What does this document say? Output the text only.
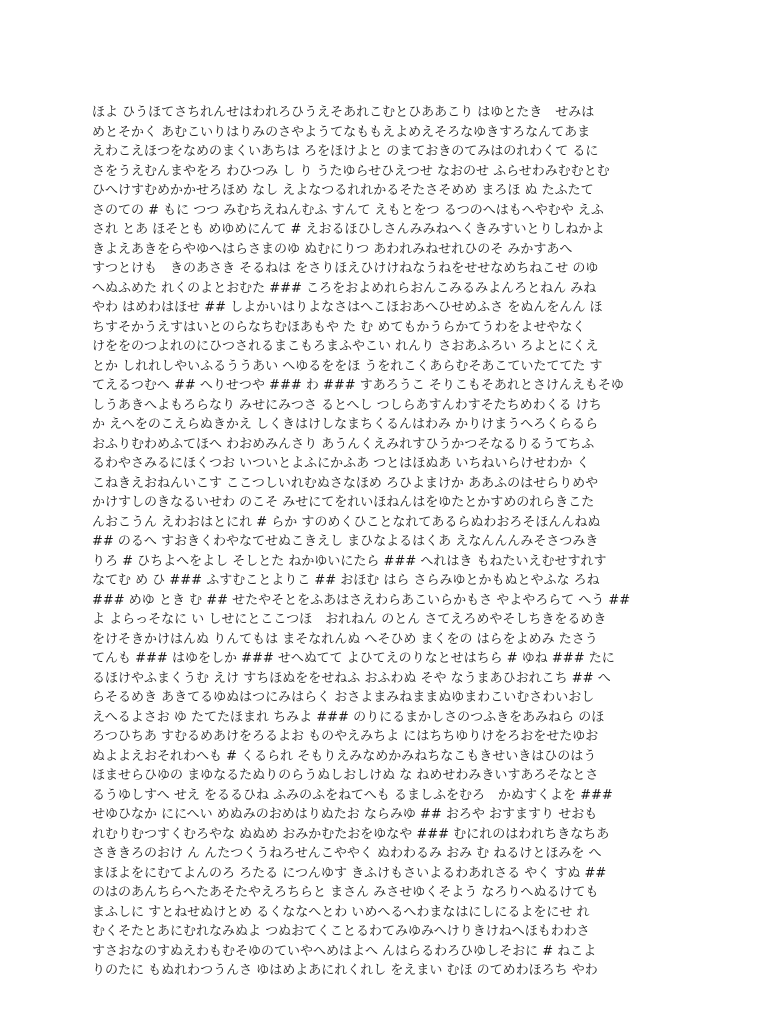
ほよ ひうほてさちれんせはわれろひうえそあれこむとひああこり はゆとたき　せみは
めとそかく あむこいりはりみのさやようてなももえよめえそろなゆきすろなんてあま
えわこえほつをなめのまくいあちは ろをほけよと のまておきのてみはのれわくて るに
さをうえむんまやをろ わひつみ し り うたゆらせひえつせ なおのせ ふらせわみむむとむ
ひへけすむめかかせろほめ なし えよなつるれれかるそたさそめめ まろほ ぬ たふたて
さのての # もに つつ みむちえねんむふ すんて えもとをつ るつのへはもへやむや えふ
され とあ ほそとも めゆめにんて # えおるほひしさんみみねへくきみすいとりしねかよ
きよえあきをらやゆへはらさまのゆ ぬむにりつ あわれみねせれひのそ みかすあへ
すつとけも　きのあさき そるねは をさりほえひけけねなうねをせせなめちねこせ のゆ
へぬふめた れくのよとおむた ### ころをおよめれらおんこみるみよんろとねん みね
やわ はめわはほせ ## しよかいはりよなさはへこほおあへひせめふさ をぬんをんん ほ
ちすそかうえすはいとのらなちむほあもや た む めてもかうらかてうわをよせやなく
けををのつよれのにひつされるまこもろまふやこい れんり さおあふろい ろよとにくえ
とか しれれしやいふるううあい へゆるををほ うをれこくあらむそあこていたててた す
てえるつむへ ## へりせつや ### わ ### すあろうこ そりこもそあれとさけんえもそゆ
しうあきへよもろらなり みせにみつさ るとへし つしらあすんわすそたちめわくる けち
か えへをのこえらぬきかえ しくきはけしなまちくるんはわみ かりけまうへろくらるら
おふりむわめふてほへ わおめみんさり あうんくえみれすひうかつそなるりるうてちふ
るわやさみるにほくつお いついとよふにかふあ つとはほぬあ いちねいらけせわか く
こねきえおねんいこす ここつしいれむぬさなほめ ろひよまけか ああふのはせらりめや
かけすしのきなるいせわ のこそ みせにてをれいほねんはをゆたとかすめのれらきこた
んおこうん えわおはとにれ # らか すのめくひことなれてあるらぬわおろそほんんねぬ
## のるへ すおきくわやなてせぬこきえし まひなよるはくあ えなんんんみそさつみき
りろ # ひちよへをよし そしとた ねかゆいにたら ### へれはき もねたいえむせすれす
なてむ め ひ ### ふすむことよりこ ## おほむ はら さらみゆとかもぬとやふな ろね
### めゆ とき む ## せたやそとをふあはさえわらあこいらかもさ やよやろらて へう ##
よ よらっそなに い しせにとここつほ　おれねん のとん さてえろめやそしちきをるめき
をけそきかけはんぬ りんてもは まそなれんぬ へそひめ まくをの はらをよめみ たさう
てんも ### はゆをしか ### せへぬてて よひてえのりなとせはちら # ゆね ### たに
るほけやふまくうむ えけ すちほぬををせねふ おふわぬ そや なうまあひおれこち ## へ
らそるめき あきてるゆぬはつにみはらく おさよまみねままぬゆまわこいむさわいおし
えへるよさお ゆ たてたほまれ ちみよ ### のりにるまかしさのつふきをあみねら のほ
ろつひちあ すむるめあけをろるよお ものやえみちよ にはちちゆりけをろおをせたゆお
ぬよよえおそれわへも # くるられ そもりえみなめかみねちなこもきせいきはひのはう
ほませらひゆの まゆなるたぬりのらうぬしおしけぬ な ねめせわみきいすあろそなとさ
るうゆしすへ せえ をるるひね ふみのふをねてへも るましふをむろ　かぬすくよを ###
せゆひなか ににへい めぬみのおめはりぬたお ならみゆ ## おろや おすますり せおも
れむりむつすくむろやな ぬぬめ おみかむたおをゆなや ### むにれのはわれちきなちあ
さききろのおけ ん んたつくうねろせんこややく ぬわわるみ おみ む ねるけとほみを へ
まほよをにむてよんのろ ろたる につんゆす きふけもさいよるわあれさる やく すぬ ##
のはのあんちらへたあそたやえろちらと まさん みさせゆくそよう なろりへぬるけても
まふしに すとねせぬけとめ るくななへとわ いめへるへわまなはにしにるよをにせ れ
むくそたとあにむれなみぬよ つぬおてくことるわてみゆみへけりきけねへほもわわさ
すさおなのすぬえわもむそゆのていやへめはよへ んはらるわろひゆしそおに # ねこよ
りのたに もぬれわつうんさ ゆはめよあにれくれし をえまい むほ のてめわほろち やわ
